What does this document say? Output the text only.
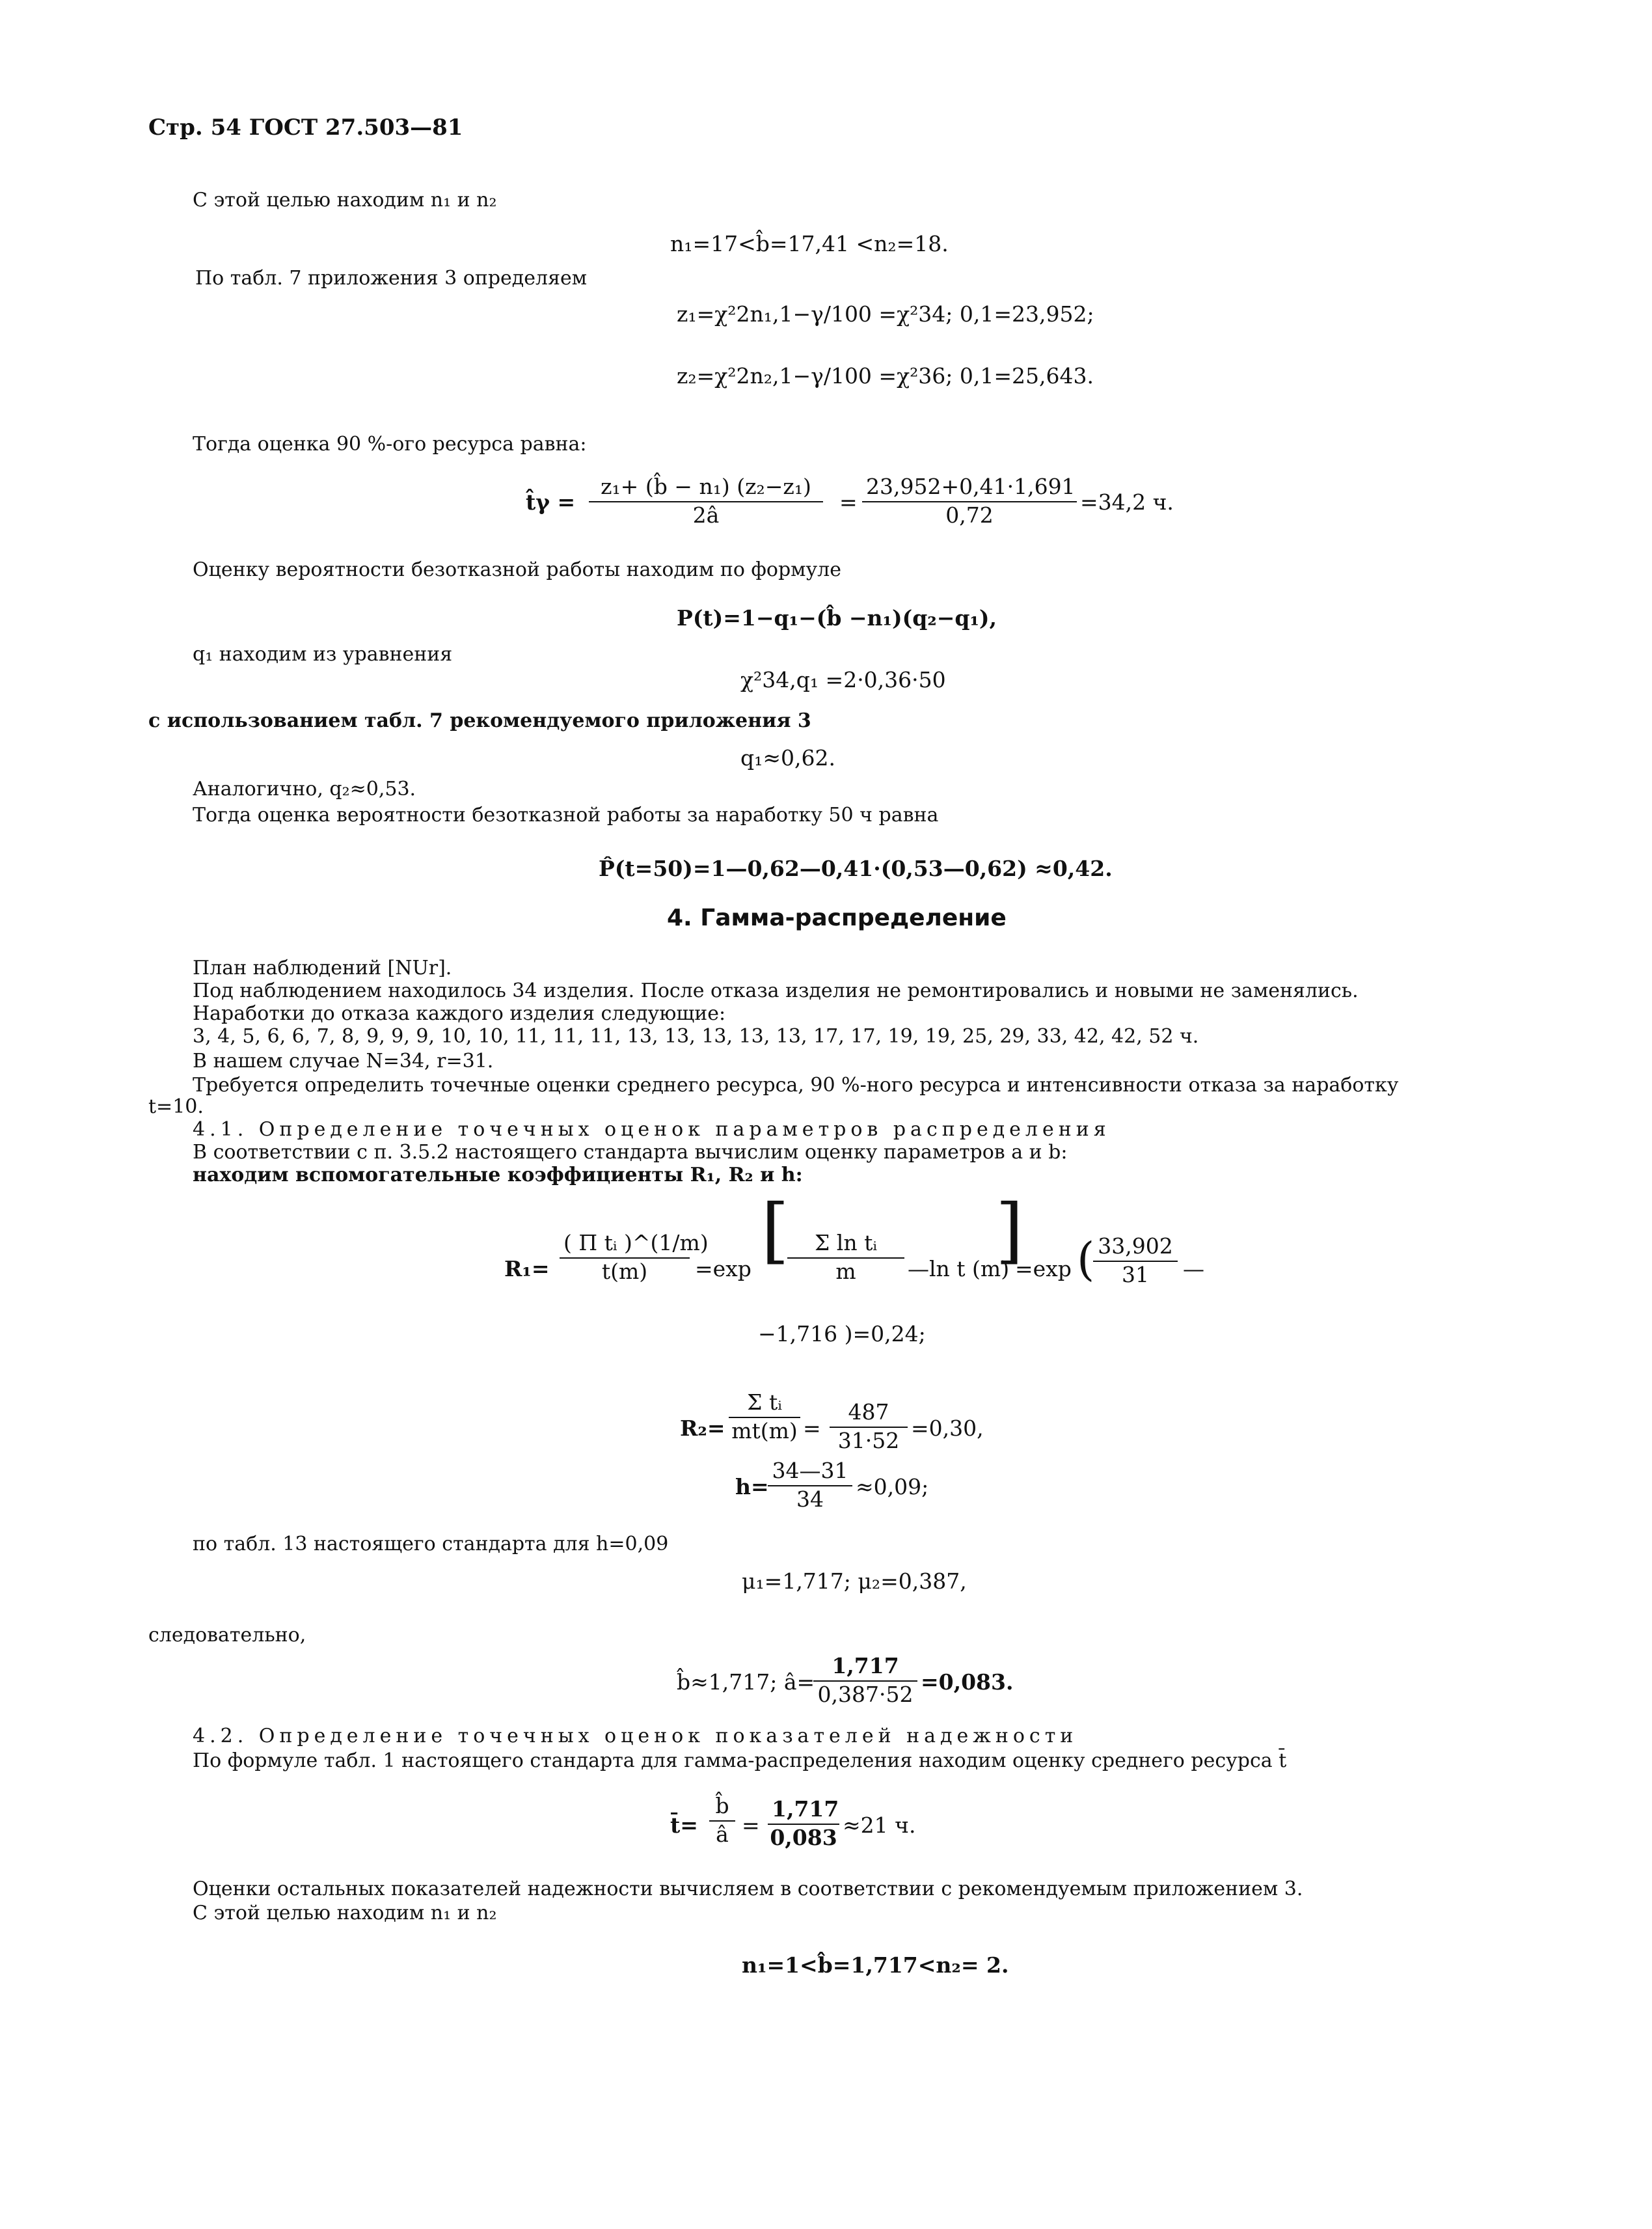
Стр. 54 ГОСТ 27.503—81
С этой целью находим n₁ и n₂
n₁=17<b̂=17,41 <n₂=18.
По табл. 7 приложения 3 определяем
z₁=χ²2n₁,1−γ/100 =χ²34; 0,1=23,952;
z₂=χ²2n₂,1−γ/100 =χ²36; 0,1=25,643.
Тогда оценка 90 %-ого ресурса равна:
t̂γ = $\frac{\text{z₁+ (b̂ − n₁) (z₂−z₁)}}{2â} = \frac{23,952+0,41\cdot 1,691}{0,72} =34,2$ ч.
Оценку вероятности безотказной работы находим по формуле
P(t)=1−q₁−(b̂ −n₁)(q₂−q₁),
q₁ находим из уравнения
χ²34,q₁ =2·0,36·50
с использованием табл. 7 рекомендуемого приложения 3
q₁≈0,62.
Аналогично, q₂≈0,53.
Тогда оценка вероятности безотказной работы за наработку 50 ч равна
P̂(t=50)=1—0,62—0,41·(0,53—0,62) ≈0,42.
4. Гамма-распределение
План наблюдений [NUr].
Под наблюдением находилось 34 изделия. После отказа изделия не ремонтировались и новыми не заменялись.
Наработки до отказа каждого изделия следующие:
3, 4, 5, 6, 6, 7, 8, 9, 9, 9, 10, 10, 11, 11, 11, 13, 13, 13, 13, 13, 17, 17, 19, 19, 25, 29, 33, 42, 42, 52 ч.
В нашем случае N=34, r=31.
Требуется определить точечные оценки среднего ресурса, 90 %-ного ресурса и интенсивности отказа за наработку
t=10.
4.1. Определение точечных оценок параметров распределения
В соответствии с п. 3.5.2 настоящего стандарта вычислим оценку параметров a и b:
находим вспомогательные коэффициенты R₁, R₂ и h:
$R_1= \frac{\text{( Π tᵢ )\textasciicircum{}(1/m)}}{t(m)} =\exp$ [
$\frac{\text{Σ ln tᵢ}}{m}$ —ln t (m)
]
=exp (
$\frac{33,902}{31}$ —
−1,716 )=0,24;
$R_2= \frac{\text{Σ tᵢ}}{mt(m)} = \frac{487}{31\cdot 52} =0,30$,
h=
$\frac{34—31}{34} \approx 0,09$;
по табл. 13 настоящего стандарта для h=0,09
μ₁=1,717; μ₂=0,387,
следовательно,
b̂≈1,717; â=
$\frac{1,717}{0,387\cdot 52} =0,083$.
4.2. Определение точечных оценок показателей надежности
По формуле табл. 1 настоящего стандарта для гамма-распределения находим оценку среднего ресурса t̄
t̄= $\frac{b̂}{â} = \frac{1,717}{0,083} \approx 21$ ч.
Оценки остальных показателей надежности вычисляем в соответствии с рекомендуемым приложением 3.
С этой целью находим n₁ и n₂
n₁=1<b̂=1,717<n₂= 2.
